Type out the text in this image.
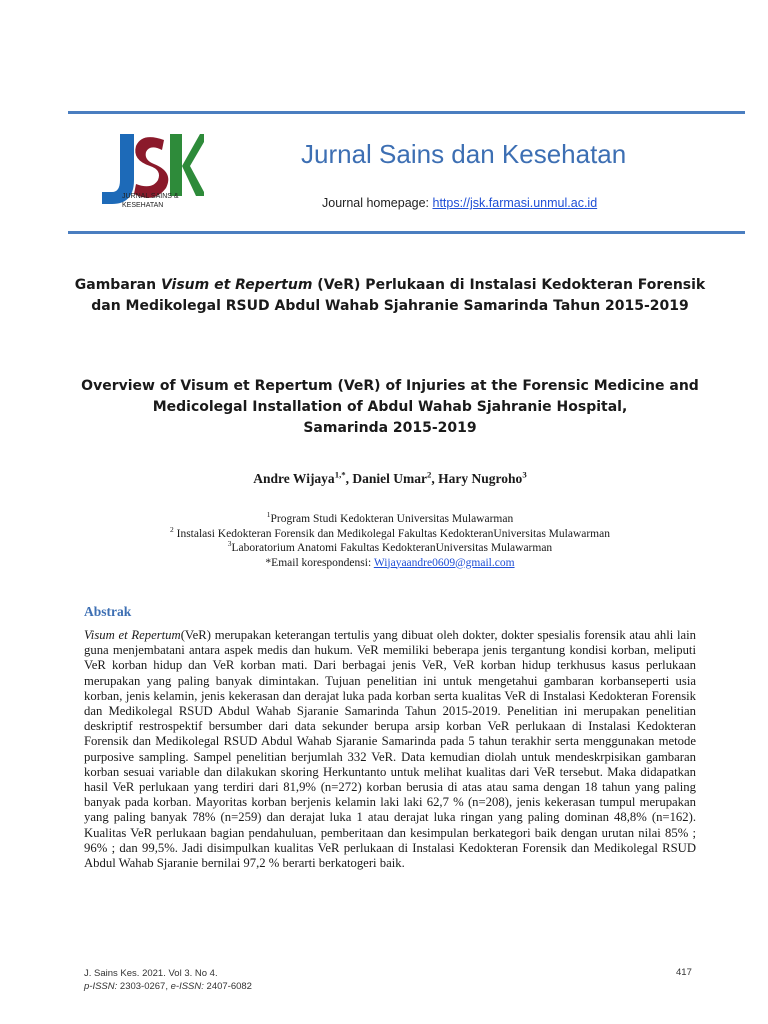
JURNAL SAINS &
KESEHATAN
Jurnal Sains dan Kesehatan
Journal homepage: https://jsk.farmasi.unmul.ac.id
Gambaran Visum et Repertum (VeR) Perlukaan di Instalasi Kedokteran Forensik dan Medikolegal RSUD Abdul Wahab Sjahranie Samarinda Tahun 2015-2019
Overview of Visum et Repertum (VeR) of Injuries at the Forensic Medicine and
Medicolegal Installation of Abdul Wahab Sjahranie Hospital,
Samarinda 2015-2019
Andre Wijaya$^{1,*}$, Daniel Umar$^2$, Hary Nugroho$^3$
$^1$Program Studi Kedokteran Universitas Mulawarman
$^2$ Instalasi Kedokteran Forensik dan Medikolegal Fakultas KedokteranUniversitas Mulawarman
$^3$Laboratorium Anatomi Fakultas KedokteranUniversitas Mulawarman
*Email korespondensi: Wijayaandre0609@gmail.com
Abstrak
Visum et Repertum(VeR) merupakan keterangan tertulis yang dibuat oleh dokter, dokter spesialis forensik atau ahli lain guna menjembatani antara aspek medis dan hukum. VeR memiliki beberapa jenis tergantung kondisi korban, meliputi VeR korban hidup dan VeR korban mati. Dari berbagai jenis VeR, VeR korban hidup terkhusus kasus perlukaan merupakan yang paling banyak dimintakan. Tujuan penelitian ini untuk mengetahui gambaran korbanseperti usia korban, jenis kelamin, jenis kekerasan dan derajat luka pada korban serta kualitas VeR di Instalasi Kedokteran Forensik dan Medikolegal RSUD Abdul Wahab Sjaranie Samarinda Tahun 2015-2019. Penelitian ini merupakan penelitian deskriptif restrospektif bersumber dari data sekunder berupa arsip korban VeR perlukaan di Instalasi Kedokteran Forensik dan Medikolegal RSUD Abdul Wahab Sjaranie Samarinda pada 5 tahun terakhir serta menggunakan metode purposive sampling. Sampel penelitian berjumlah 332 VeR. Data kemudian diolah untuk mendeskrpisikan gambaran korban sesuai variable dan dilakukan skoring Herkuntanto untuk melihat kualitas dari VeR tersebut. Maka didapatkan hasil VeR perlukaan yang terdiri dari 81,9% (n=272) korban berusia di atas atau sama dengan 18 tahun yang paling banyak pada korban. Mayoritas korban berjenis kelamin laki laki 62,7 % (n=208), jenis kekerasan tumpul merupakan yang paling banyak 78% (n=259) dan derajat luka 1 atau derajat luka ringan yang paling dominan 48,8% (n=162). Kualitas VeR perlukaan bagian pendahuluan, pemberitaan dan kesimpulan berkategori baik dengan urutan nilai 85% ; 96% ; dan 99,5%. Jadi disimpulkan kualitas VeR perlukaan di Instalasi Kedokteran Forensik dan Medikolegal RSUD Abdul Wahab Sjaranie bernilai 97,2 % berarti berkatogeri baik.
J. Sains Kes. 2021. Vol 3. No 4.
p-ISSN: 2303-0267, e-ISSN: 2407-6082
417
